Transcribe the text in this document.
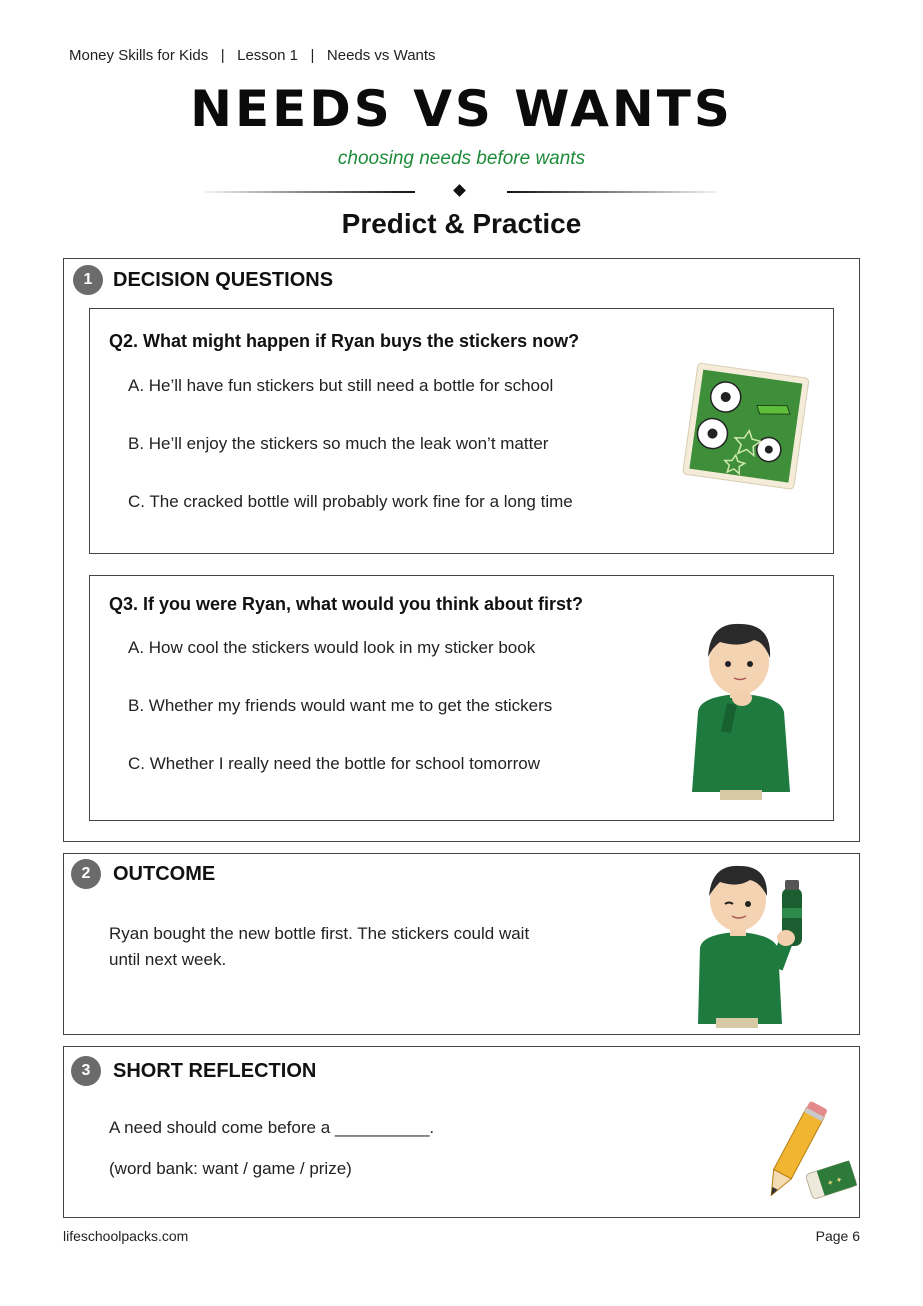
Money Skills for Kids   |   Lesson 1   |   Needs vs Wants
NEEDS VS WANTS
choosing needs before wants
Predict & Practice
1	DECISION QUESTIONS
Q2. What might happen if Ryan buys the stickers now?
A. He’ll have fun stickers but still need a bottle for school
B. He’ll enjoy the stickers so much the leak won’t matter
C. The cracked bottle will probably work fine for a long time
Q3. If you were Ryan, what would you think about first?
A. How cool the stickers would look in my sticker book
B. Whether my friends would want me to get the stickers
C. Whether I really need the bottle for school tomorrow
2	OUTCOME
Ryan bought the new bottle first. The stickers could wait
until next week.
3	SHORT REFLECTION
A need should come before a __________.
(word bank: want / game / prize)
✦ ✦
lifeschoolpacks.com	Page 6
